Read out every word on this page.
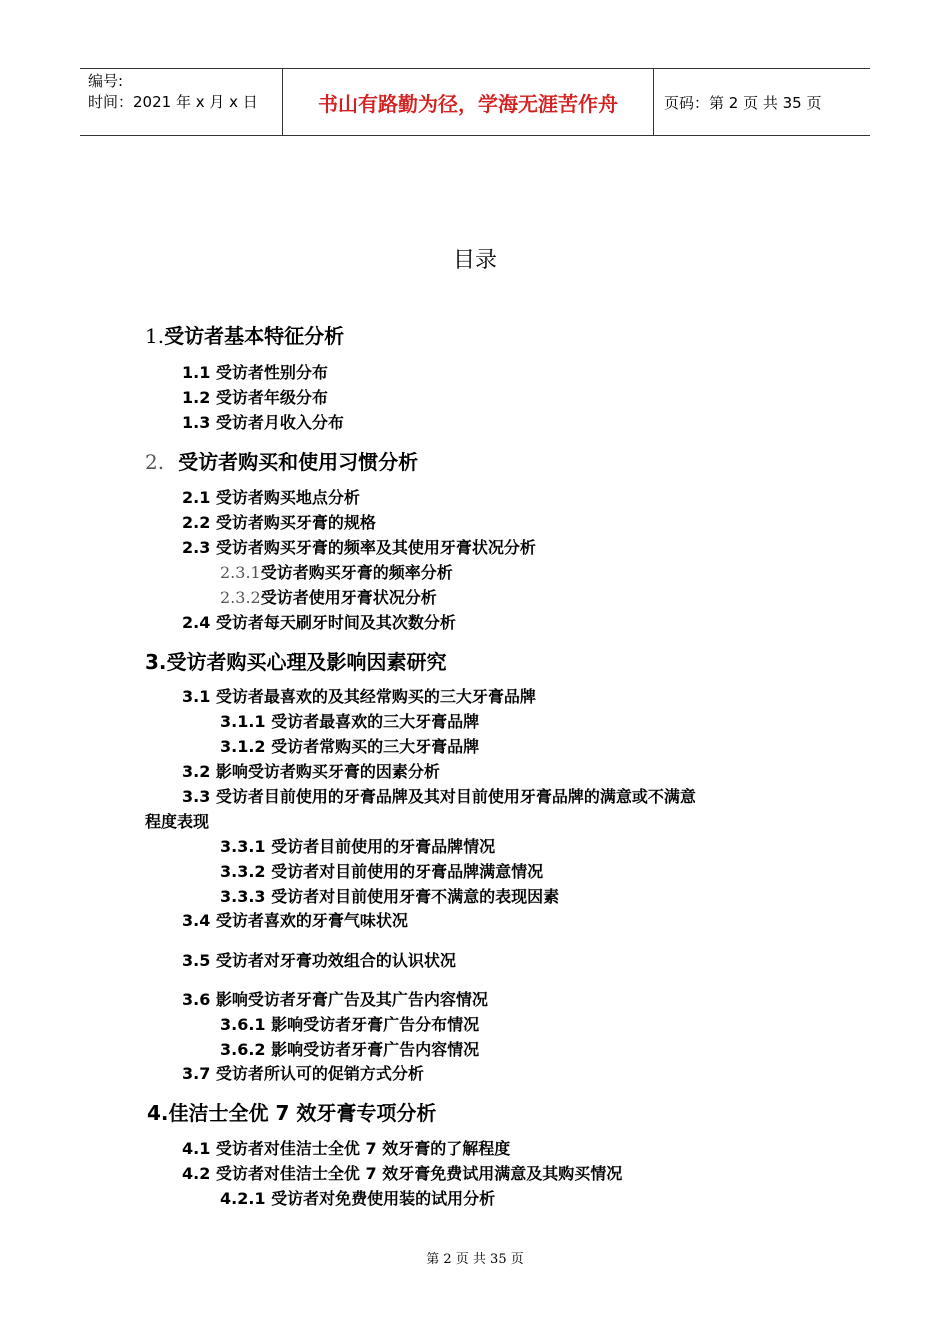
编号:
时间：2021 年 x 月 x 日	书山有路勤为径，学海无涯苦作舟	页码：第 2 页 共 35 页
目录
1.受访者基本特征分析
1.1 受访者性别分布
1.2 受访者年级分布
1.3 受访者月收入分布
2. 受访者购买和使用习惯分析
2.1 受访者购买地点分析
2.2 受访者购买牙膏的规格
2.3 受访者购买牙膏的频率及其使用牙膏状况分析
2.3.1受访者购买牙膏的频率分析
2.3.2受访者使用牙膏状况分析
2.4 受访者每天刷牙时间及其次数分析
3.受访者购买心理及影响因素研究
3.1 受访者最喜欢的及其经常购买的三大牙膏品牌
3.1.1 受访者最喜欢的三大牙膏品牌
3.1.2 受访者常购买的三大牙膏品牌
3.2 影响受访者购买牙膏的因素分析
3.3 受访者目前使用的牙膏品牌及其对目前使用牙膏品牌的满意或不满意
程度表现
3.3.1 受访者目前使用的牙膏品牌情况
3.3.2 受访者对目前使用的牙膏品牌满意情况
3.3.3 受访者对目前使用牙膏不满意的表现因素
3.4 受访者喜欢的牙膏气味状况
3.5 受访者对牙膏功效组合的认识状况
3.6 影响受访者牙膏广告及其广告内容情况
3.6.1 影响受访者牙膏广告分布情况
3.6.2 影响受访者牙膏广告内容情况
3.7 受访者所认可的促销方式分析
4.佳洁士全优 7 效牙膏专项分析
4.1 受访者对佳洁士全优 7 效牙膏的了解程度
4.2 受访者对佳洁士全优 7 效牙膏免费试用满意及其购买情况
4.2.1 受访者对免费使用装的试用分析
第 2 页 共 35 页
